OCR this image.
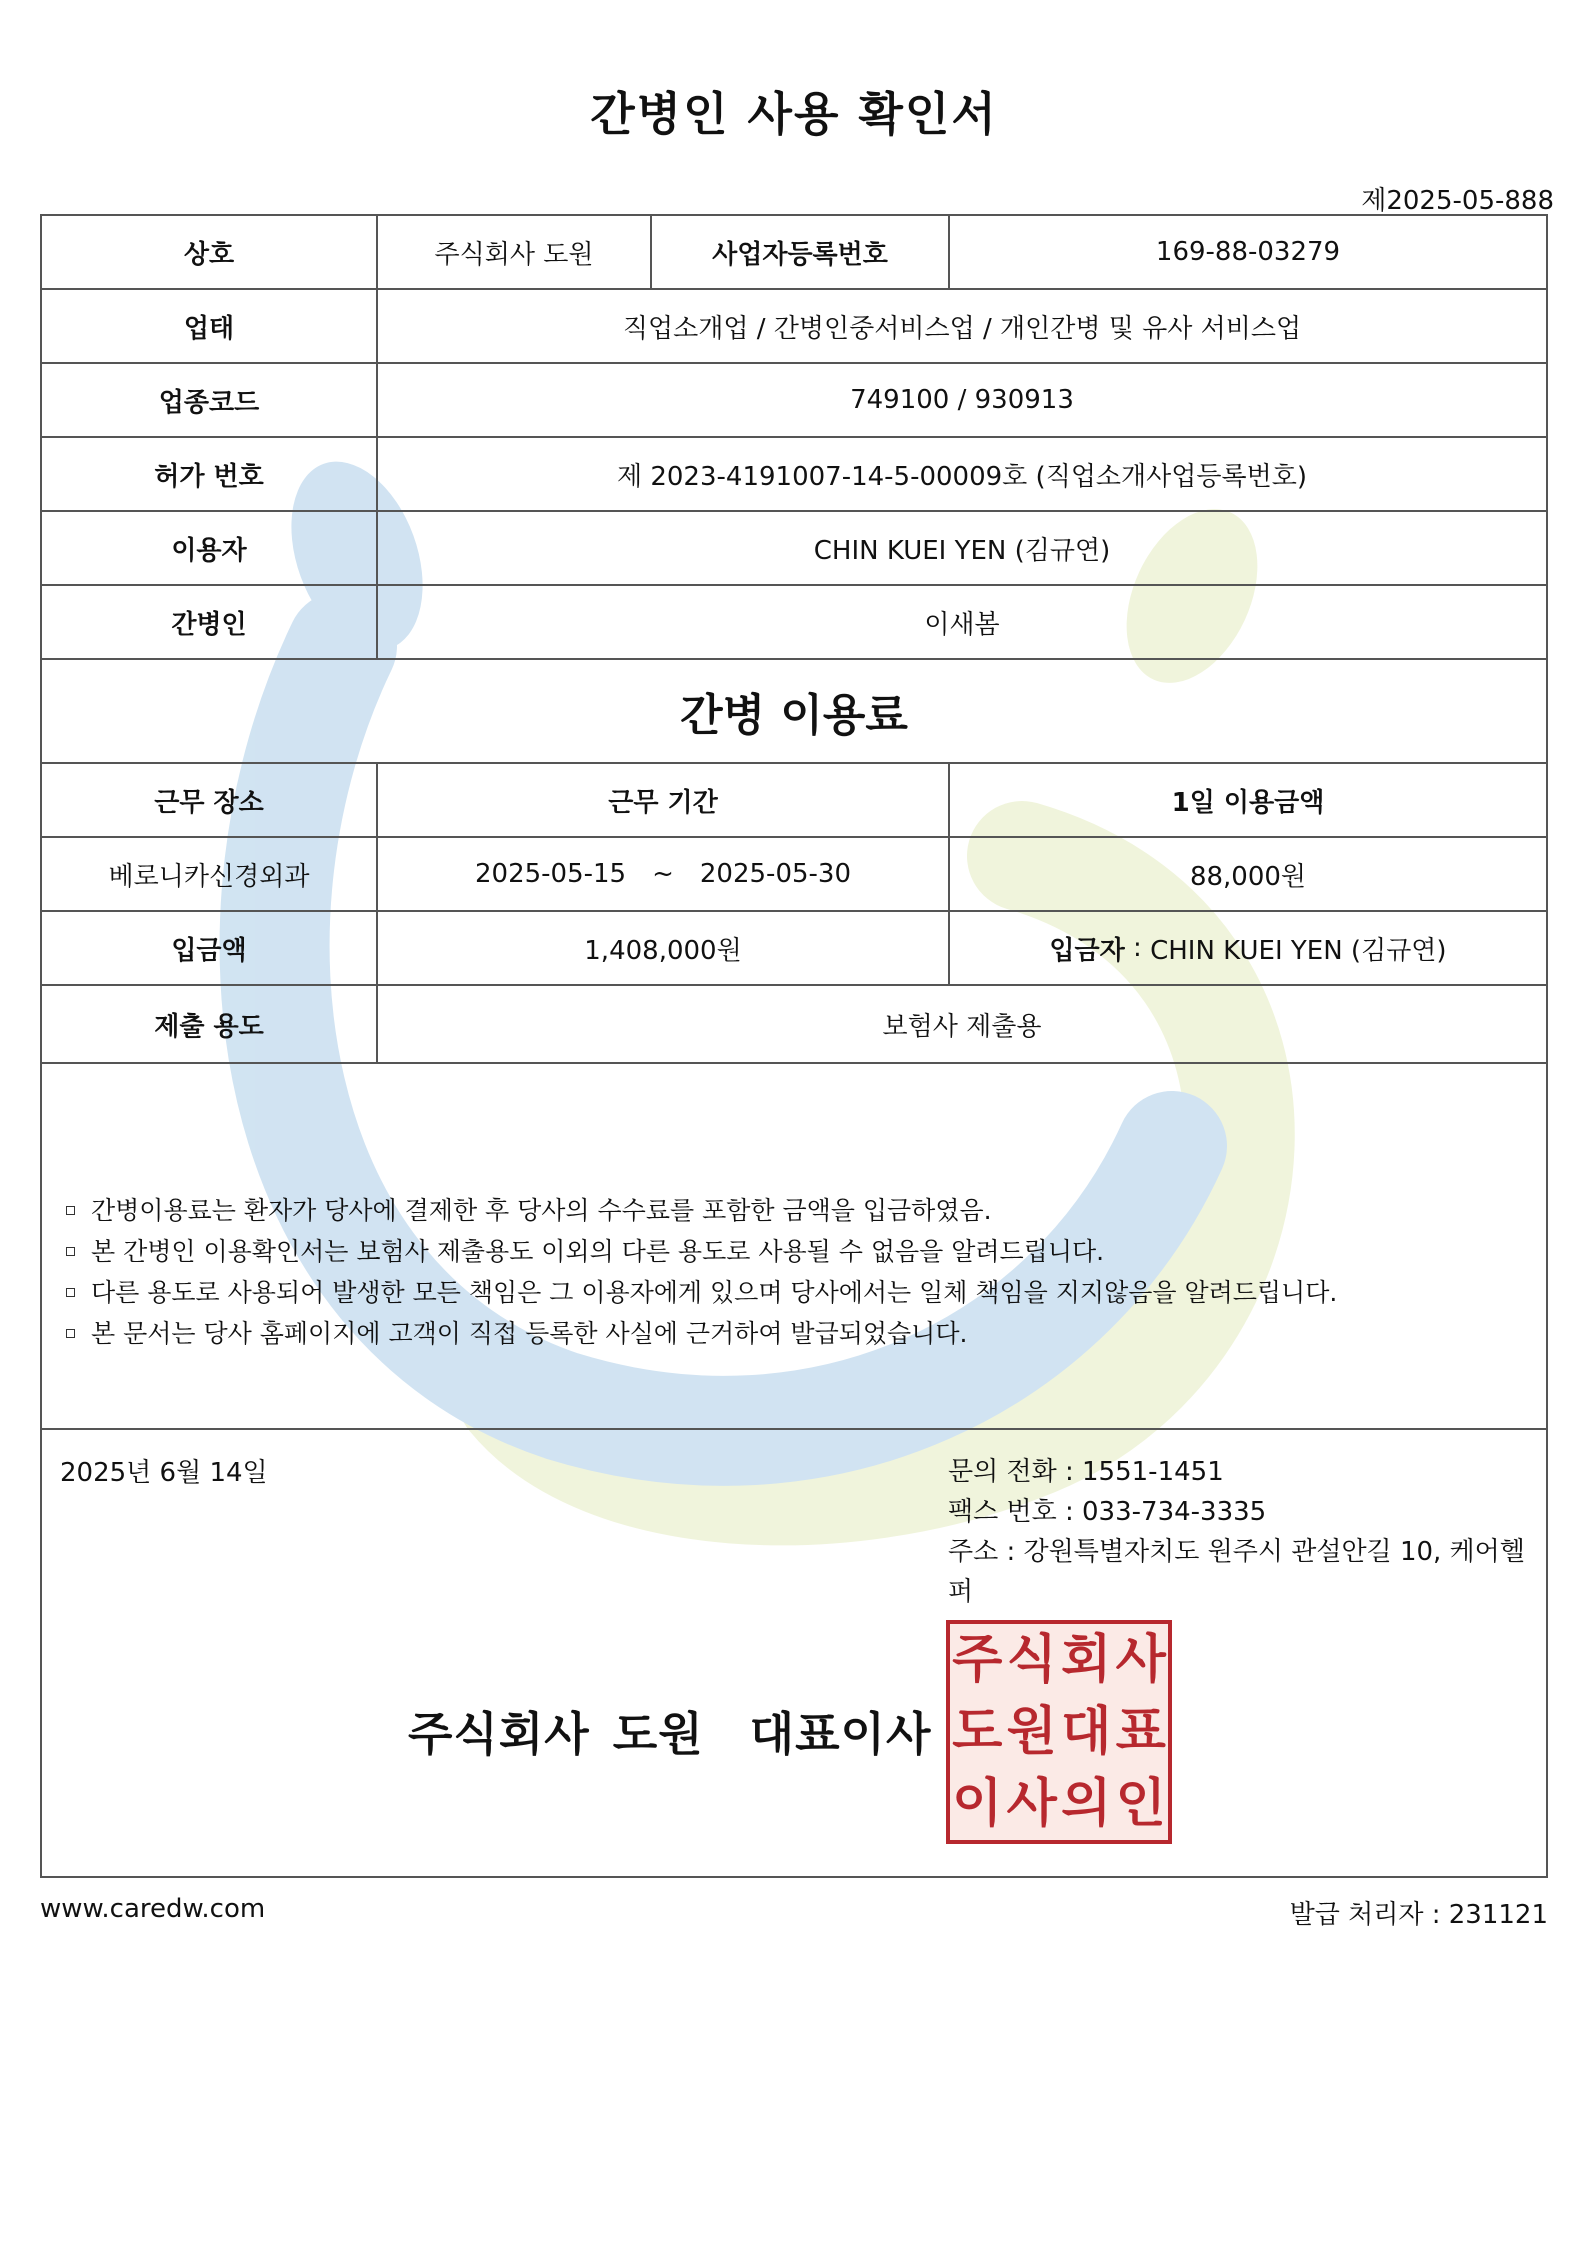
간병인 사용 확인서
제2025-05-888
상호	주식회사 도원	사업자등록번호	169-88-03279
업태	직업소개업 / 간병인중서비스업 / 개인간병 및 유사 서비스업
업종코드	749100 / 930913
허가 번호	제 2023-4191007-14-5-00009호 (직업소개사업등록번호)
이용자	CHIN KUEI YEN (김규연)
간병인	이새봄
간병 이용료
근무 장소	근무 기간	1일 이용금액
베로니카신경외과	2025-05-15 ~ 2025-05-30	88,000원
입금액	1,408,000원	입금자 : CHIN KUEI YEN (김규연)
제출 용도	보험사 제출용
간병이용료는 환자가 당사에 결제한 후 당사의 수수료를 포함한 금액을 입금하였음.
본 간병인 이용확인서는 보험사 제출용도 이외의 다른 용도로 사용될 수 없음을 알려드립니다.
다른 용도로 사용되어 발생한 모든 책임은 그 이용자에게 있으며 당사에서는 일체 책임을 지지않음을 알려드립니다.
본 문서는 당사 홈페이지에 고객이 직접 등록한 사실에 근거하여 발급되었습니다.
2025년 6월 14일	문의 전화 : 1551-1451
팩스 번호 : 033-734-3335
주소 : 강원특별자치도 원주시 관설안길 10, 케어헬퍼
주식회사 도원  대표이사
주 식 회 사
도 원 대 표
이 사 의 인
www.caredw.com	발급 처리자 : 231121
